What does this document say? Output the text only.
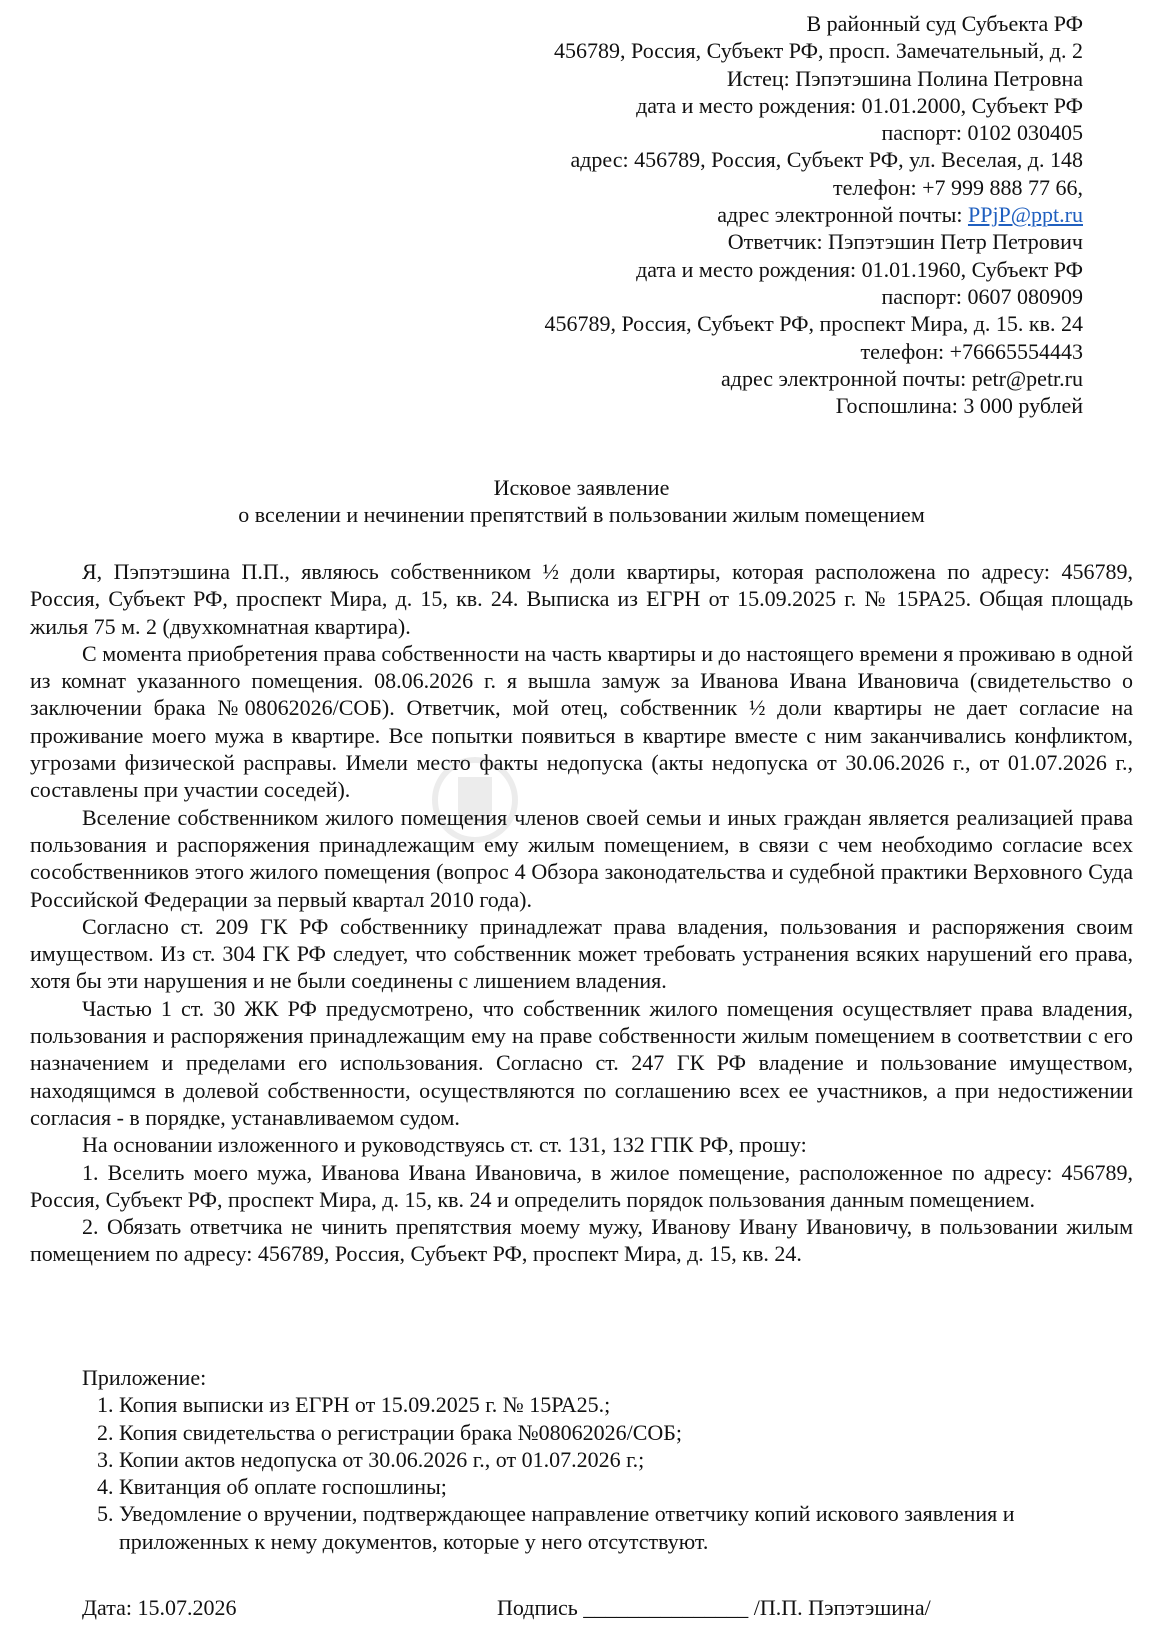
В районный суд Субъекта РФ
456789, Россия, Субъект РФ, просп. Замечательный, д. 2
Истец: Пэпэтэшина Полина Петровна
дата и место рождения: 01.01.2000, Субъект РФ
паспорт: 0102 030405
адрес: 456789, Россия, Субъект РФ, ул. Веселая, д. 148
телефон: +7 999 888 77 66,
адрес электронной почты: PPjP@ppt.ru
Ответчик: Пэпэтэшин Петр Петрович
дата и место рождения: 01.01.1960, Субъект РФ
паспорт: 0607 080909
456789, Россия, Субъект РФ, проспект Мира, д. 15. кв. 24
телефон: +76665554443
адрес электронной почты: petr@petr.ru
Госпошлина: 3 000 рублей
Исковое заявление
о вселении и нечинении препятствий в пользовании жилым помещением

Я, Пэпэтэшина П.П., являюсь собственником ½ доли квартиры, которая расположена по адресу: 456789, Россия, Субъект РФ, проспект Мира, д. 15, кв. 24. Выписка из ЕГРН от 15.09.2025 г. № 15РА25. Общая площадь жилья 75 м. 2 (двухкомнатная квартира).

С момента приобретения права собственности на часть квартиры и до настоящего времени я проживаю в одной из комнат указанного помещения. 08.06.2026 г. я вышла замуж за Иванова Ивана Ивановича (свидетельство о заключении брака №08062026/СОБ). Ответчик, мой отец, собственник ½ доли квартиры не дает согласие на проживание моего мужа в квартире. Все попытки появиться в квартире вместе с ним заканчивались конфликтом, угрозами физической расправы. Имели место факты недопуска (акты недопуска от 30.06.2026 г., от 01.07.2026 г., составлены при участии соседей).

Вселение собственником жилого помещения членов своей семьи и иных граждан является реализацией права пользования и распоряжения принадлежащим ему жилым помещением, в связи с чем необходимо согласие всех сособственников этого жилого помещения (вопрос 4 Обзора законодательства и судебной практики Верховного Суда Российской Федерации за первый квартал 2010 года).

Согласно ст. 209 ГК РФ собственнику принадлежат права владения, пользования и распоряжения своим имуществом. Из ст. 304 ГК РФ следует, что собственник может требовать устранения всяких нарушений его права, хотя бы эти нарушения и не были соединены с лишением владения.

Частью 1 ст. 30 ЖК РФ предусмотрено, что собственник жилого помещения осуществляет права владения, пользования и распоряжения принадлежащим ему на праве собственности жилым помещением в соответствии с его назначением и пределами его использования. Согласно ст. 247 ГК РФ владение и пользование имуществом, находящимся в долевой собственности, осуществляются по соглашению всех ее участников, а при недостижении согласия - в порядке, устанавливаемом судом.

На основании изложенного и руководствуясь ст. ст. 131, 132 ГПК РФ, прошу:

1. Вселить моего мужа, Иванова Ивана Ивановича, в жилое помещение, расположенное по адресу: 456789, Россия, Субъект РФ, проспект Мира, д. 15, кв. 24 и определить порядок пользования данным помещением.

2. Обязать ответчика не чинить препятствия моему мужу, Иванову Ивану Ивановичу, в пользовании жилым помещением по адресу: 456789, Россия, Субъект РФ, проспект Мира, д. 15, кв. 24.

Приложение:
1. Копия выписки из ЕГРН от 15.09.2025 г. № 15РА25.;
2. Копия свидетельства о регистрации брака №08062026/СОБ;
3. Копии актов недопуска от 30.06.2026 г., от 01.07.2026 г.;
4. Квитанция об оплате госпошлины;
5. Уведомление о вручении, подтверждающее направление ответчику копий искового заявления и приложенных к нему документов, которые у него отсутствуют.
Дата: 15.07.2026	Подпись _______________ /П.П. Пэпэтэшина/
